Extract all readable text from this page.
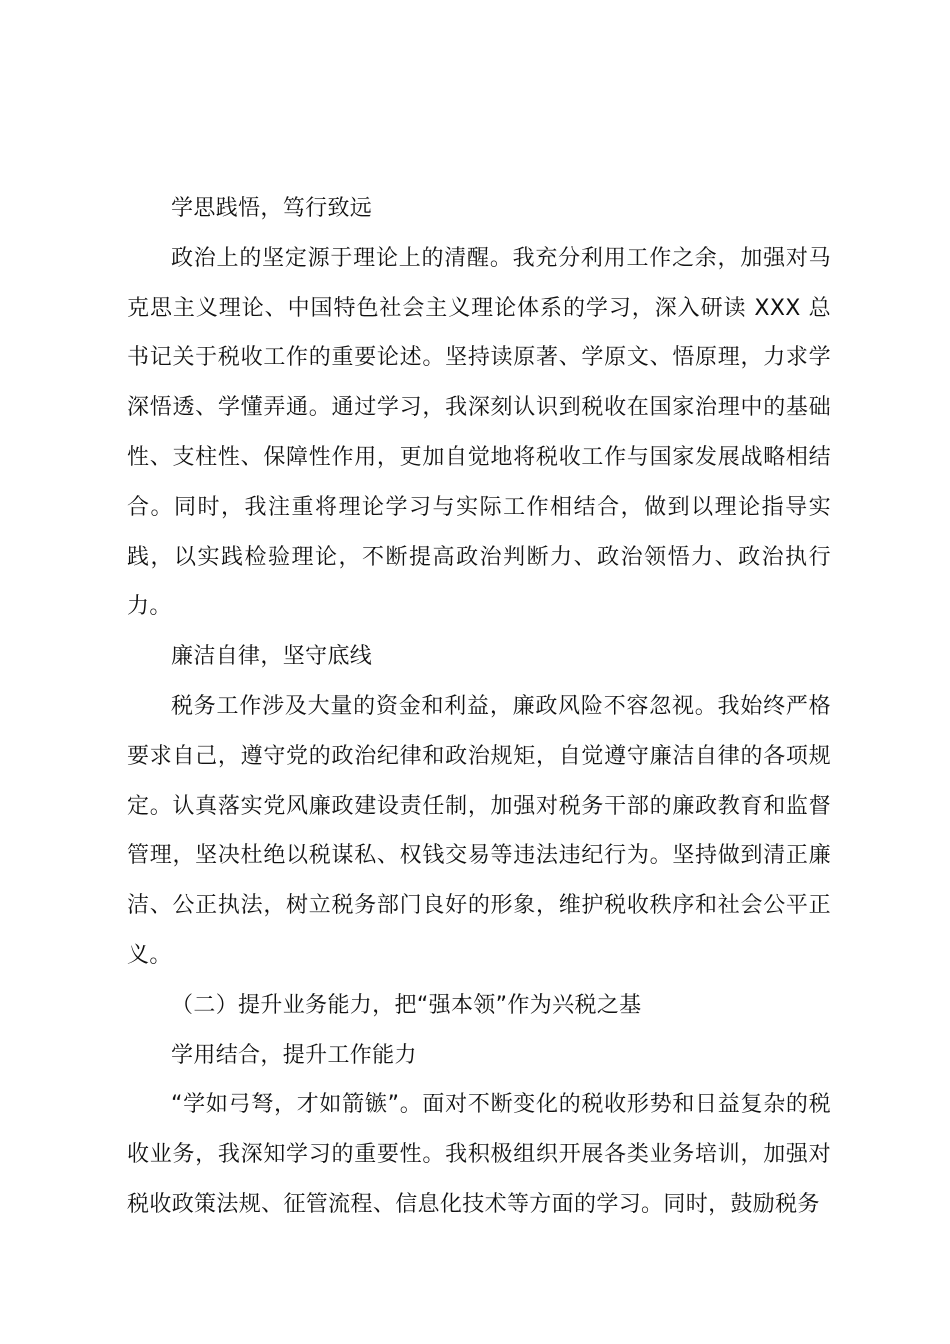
学思践悟，笃行致远

政治上的坚定源于理论上的清醒。我充分利用工作之余，加强对马克思主义理论、中国特色社会主义理论体系的学习，深入研读 XXX 总书记关于税收工作的重要论述。坚持读原著、学原文、悟原理，力求学深悟透、学懂弄通。通过学习，我深刻认识到税收在国家治理中的基础性、支柱性、保障性作用，更加自觉地将税收工作与国家发展战略相结合。同时，我注重将理论学习与实际工作相结合，做到以理论指导实践，以实践检验理论，不断提高政治判断力、政治领悟力、政治执行力。

廉洁自律，坚守底线

税务工作涉及大量的资金和利益，廉政风险不容忽视。我始终严格要求自己，遵守党的政治纪律和政治规矩，自觉遵守廉洁自律的各项规定。认真落实党风廉政建设责任制，加强对税务干部的廉政教育和监督管理，坚决杜绝以税谋私、权钱交易等违法违纪行为。坚持做到清正廉洁、公正执法，树立税务部门良好的形象，维护税收秩序和社会公平正义。

（二）提升业务能力，把“强本领”作为兴税之基

学用结合，提升工作能力

“学如弓弩，才如箭镞”。面对不断变化的税收形势和日益复杂的税收业务，我深知学习的重要性。我积极组织开展各类业务培训，加强对税收政策法规、征管流程、信息化技术等方面的学习。同时，鼓励税务
